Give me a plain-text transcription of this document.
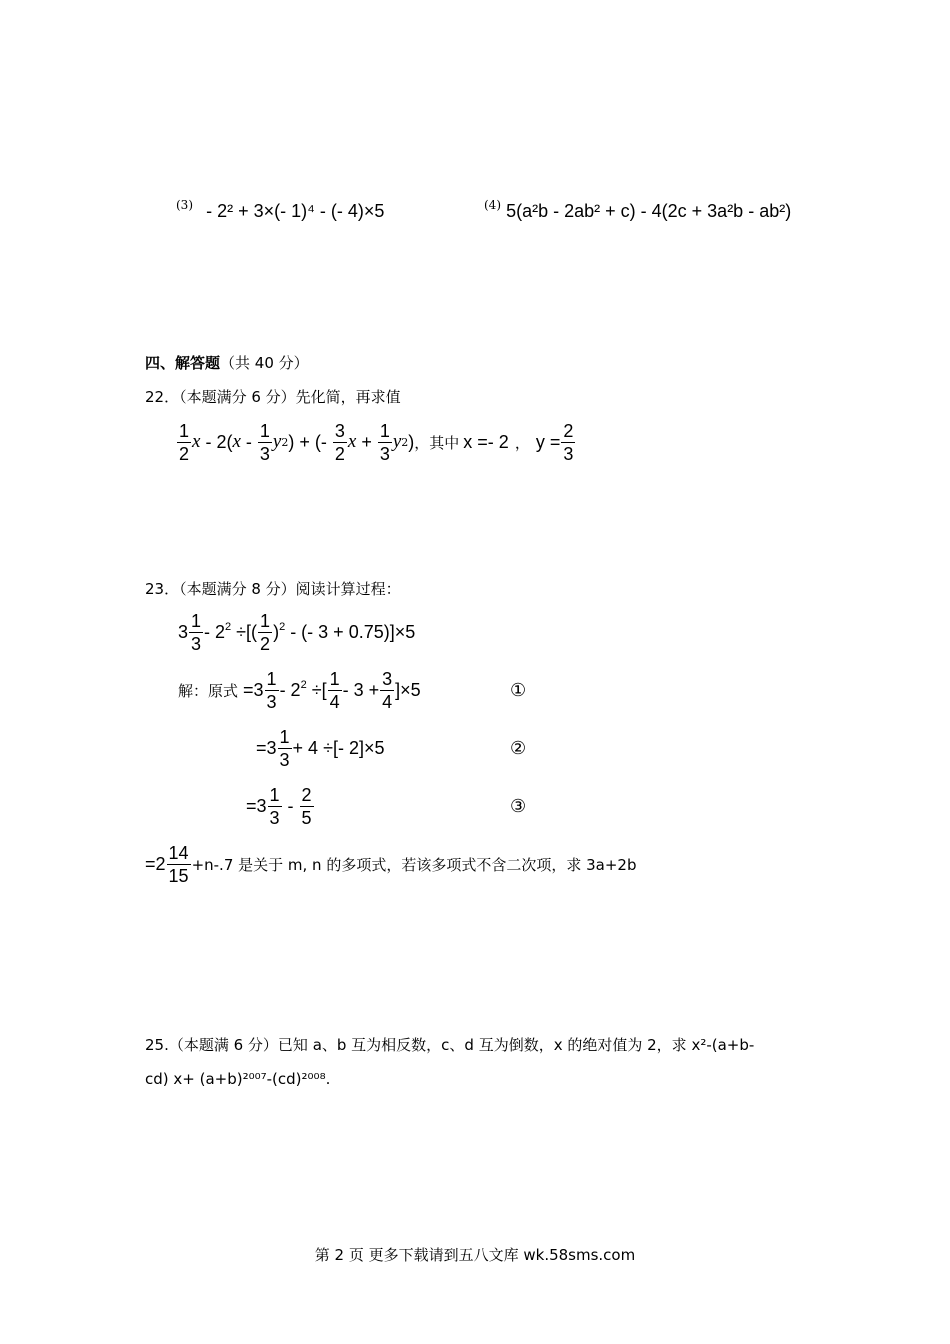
$^{(3)}$ - 2² + 3×(- 1)⁴ - (- 4)×5	$^{(4)}$ 5(a²b - 2ab² + c) - 4(2c + 3a²b - ab²)
四、解答题（共 40 分）
22．（本题满分 6 分）先化简，再求值
$\frac{1}{2}$ x - 2( x - $\frac{1}{3}$ y 2 ) + (- $\frac{3}{2}$ $x + \frac{1}{3}$ y 2 ) ，其中 x =- 2 ， $y = \frac{2}{3}$
23．（本题满分 8 分）阅读计算过程：
$3 \frac{1}{3} - 2^2$ ÷[( $\frac{1}{2} )^2$ - (- 3 + 0.75)]×5
解：原式 $=3 \frac{1}{3} - 2^2$ ÷[ $\frac{1}{4} - 3 + \frac{3}{4} ]\times 5$	①
$=3 \frac{1}{3} + 4$ ÷[- 2]×5	②
$=3 \frac{1}{3} - \frac{2}{5}$	③
$=2 \frac{14}{15} +n-.7$ 是关于 m, n 的多项式，若该多项式不含二次项，求 3a+2b
25.（本题满 6 分）已知 a、b 互为相反数，c、d 互为倒数，x 的绝对值为 2，求 x²-(a+b-
cd) x+ (a+b)²⁰⁰⁷-(cd)²⁰⁰⁸.
第 2 页 更多下载请到五八文库 wk.58sms.com
